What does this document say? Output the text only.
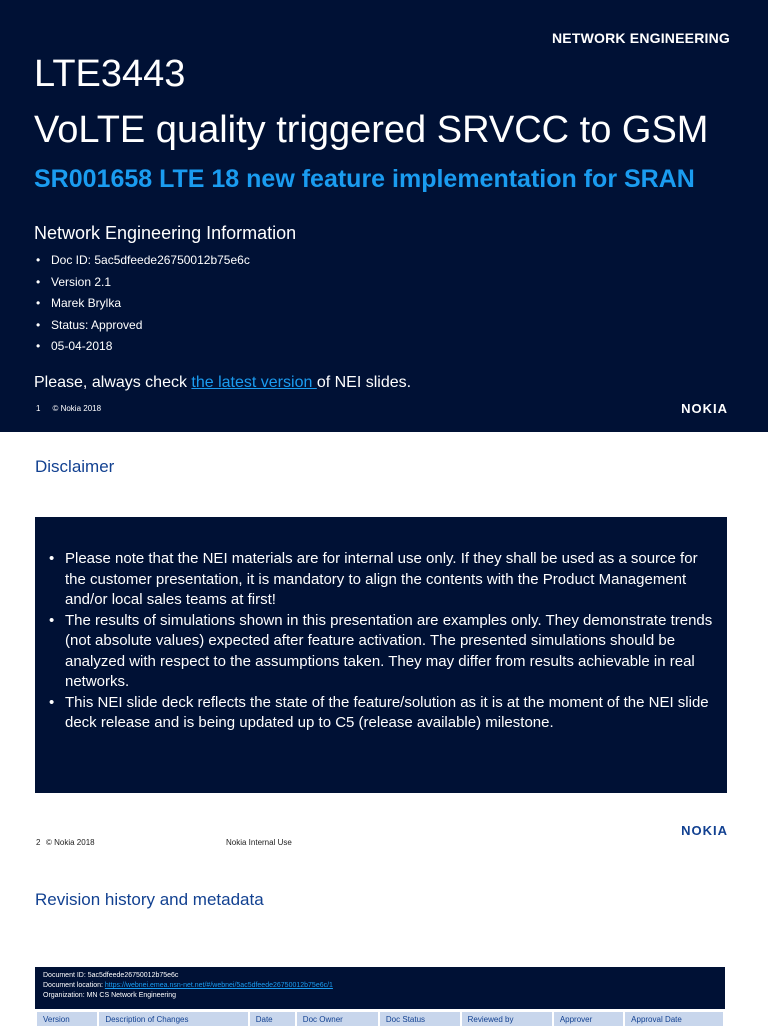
NETWORK ENGINEERING
LTE3443
VoLTE quality triggered SRVCC to GSM
SR001658 LTE 18 new feature implementation for SRAN
Network Engineering Information
• Doc ID: 5ac5dfeede26750012b75e6c
• Version 2.1
• Marek Brylka
• Status: Approved
• 05-04-2018
Please, always check the latest version of NEI slides.
1 © Nokia 2018	NOKIA
Disclaimer
• Please note that the NEI materials are for internal use only. If they shall be used as a source for the customer presentation, it is mandatory to align the contents with the Product Management and/or local sales teams at first!
• The results of simulations shown in this presentation are examples only. They demonstrate trends (not absolute values) expected after feature activation. The presented simulations should be analyzed with respect to the assumptions taken. They may differ from results achievable in real networks.
• This NEI slide deck reflects the state of the feature/solution as it is at the moment of the NEI slide deck release and is being updated up to C5 (release available) milestone.
2 © Nokia 2018	Nokia Internal Use
NOKIA
Revision history and metadata
Document ID: 5ac5dfeede26750012b75e6c
Document location: https://webnei.emea.nsn-net.net/#/webnei/5ac5dfeede26750012b75e6c/1
Organization: MN CS Network Engineering
Version	Description of Changes	Date	Doc Owner	Doc Status	Reviewed by	Approver	Approval Date
